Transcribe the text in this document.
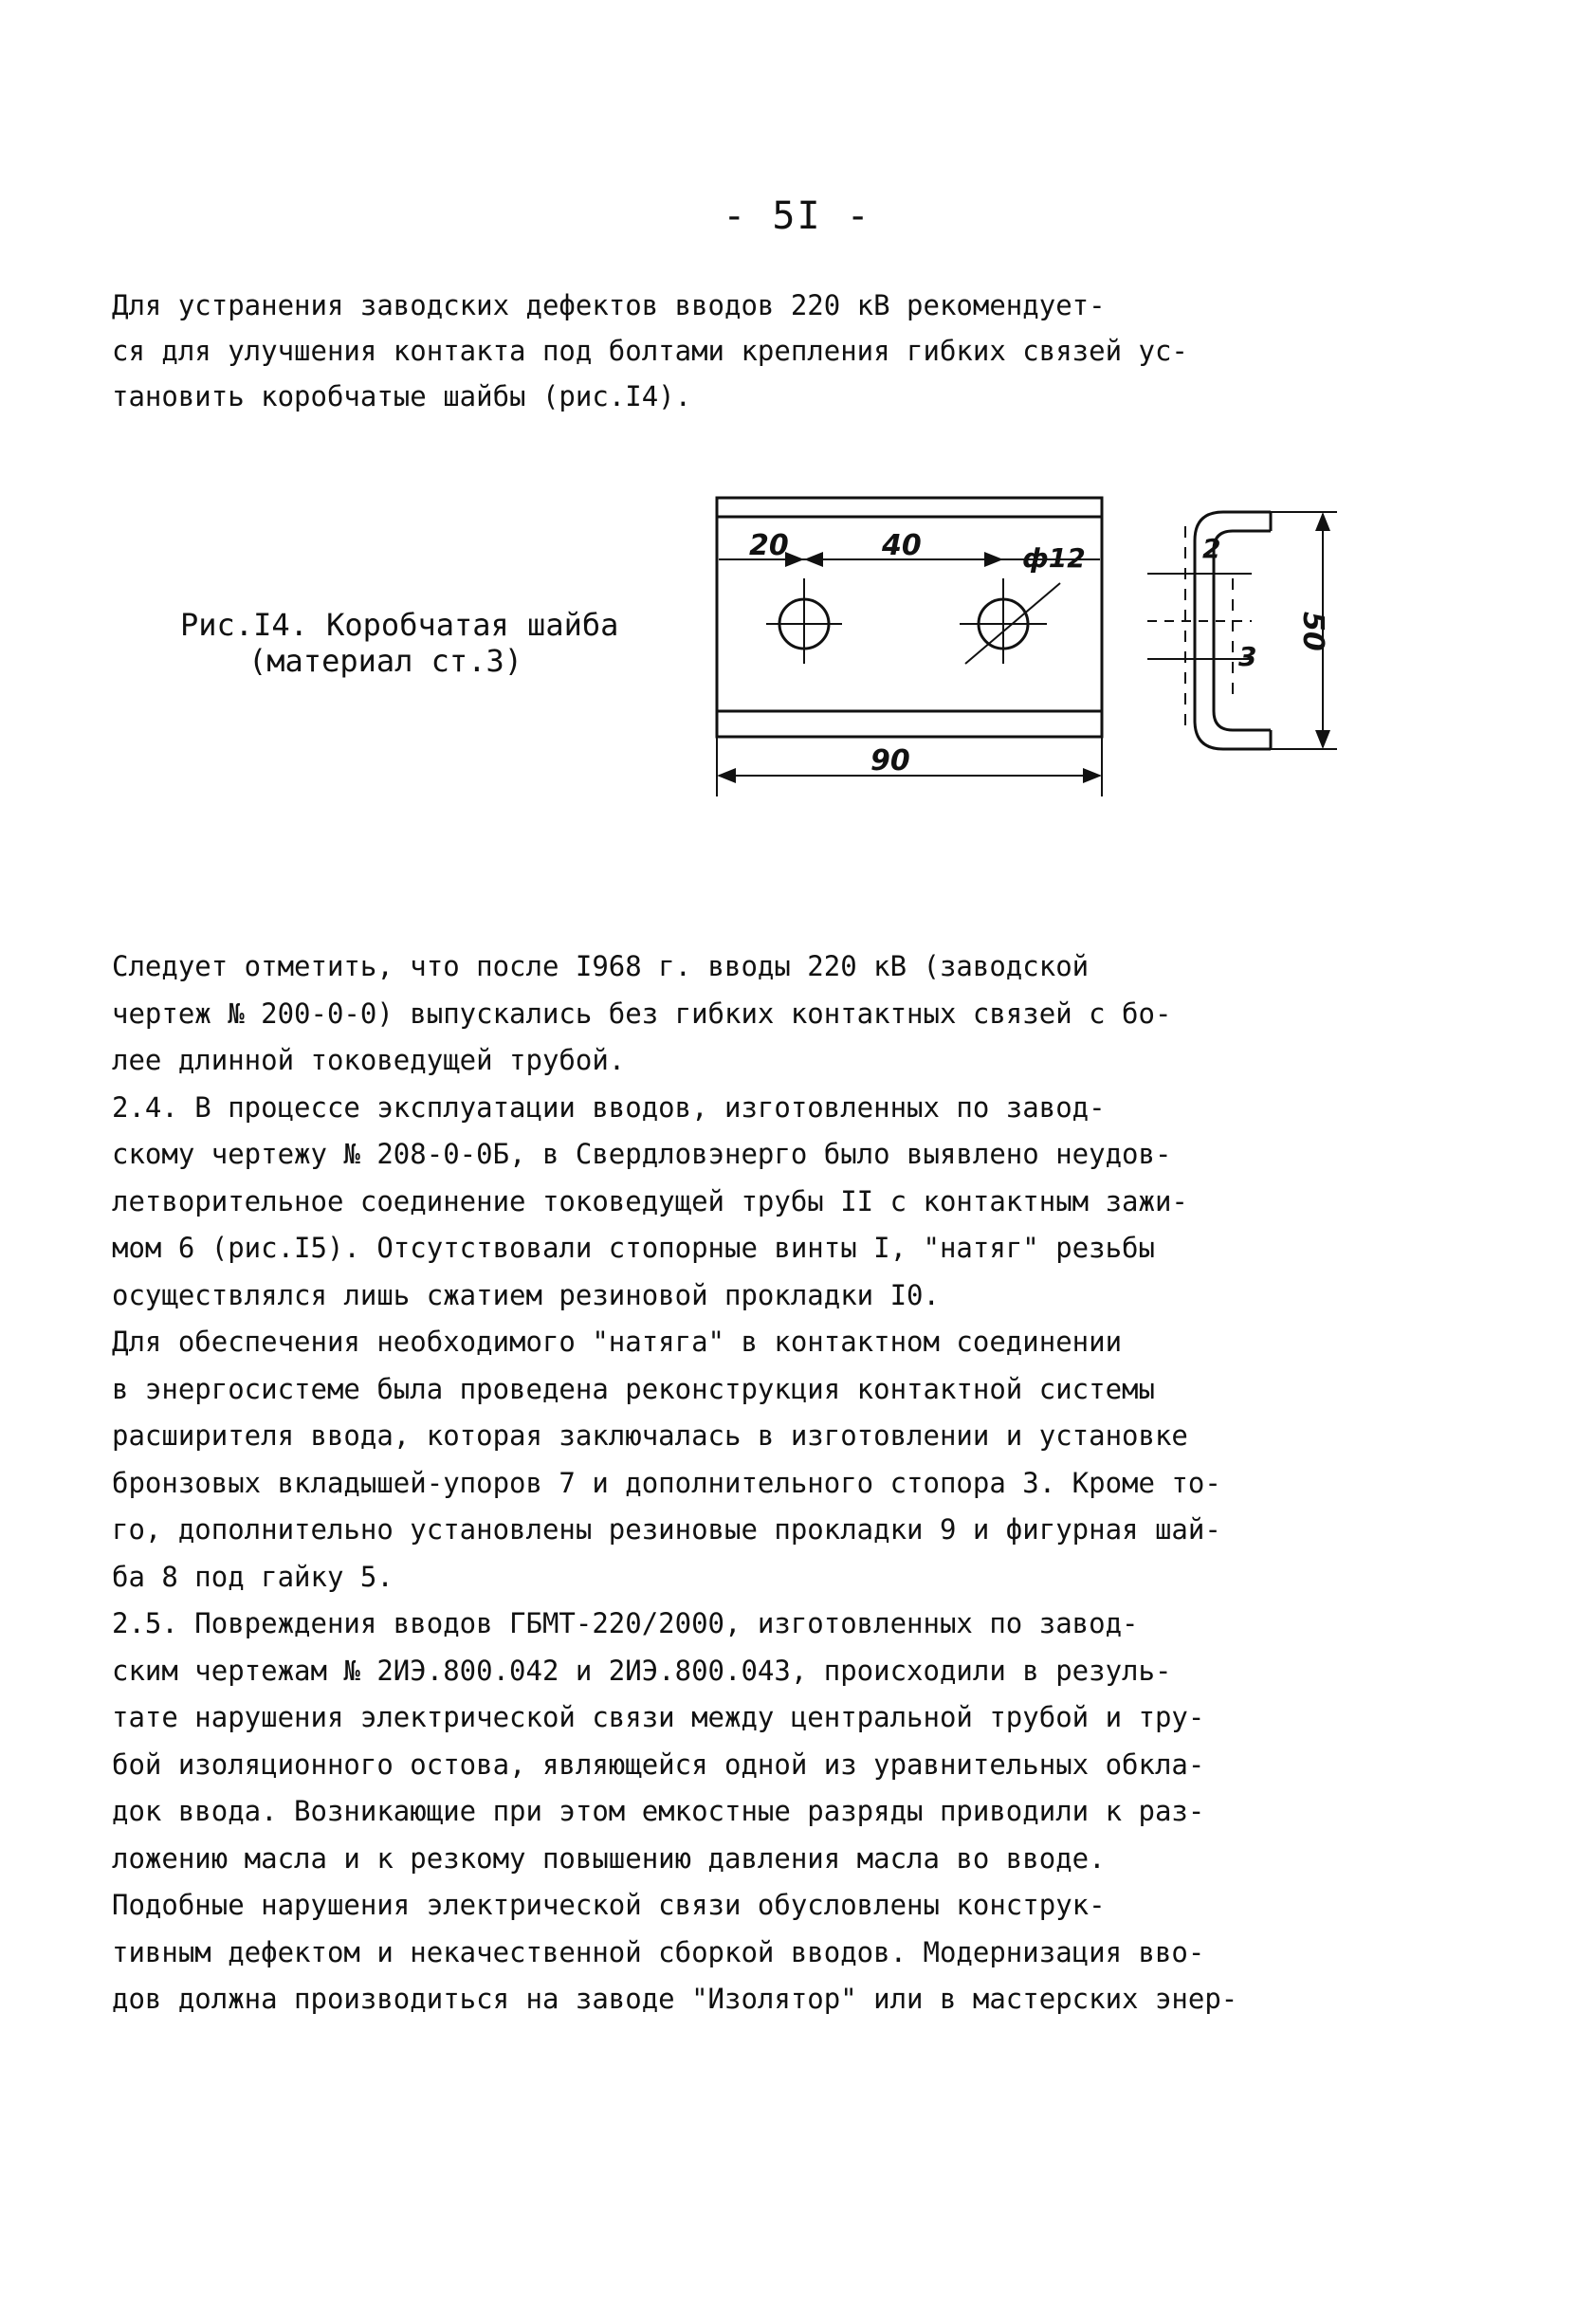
- 5I -
Для устранения заводских дефектов вводов 220 кВ рекомендует-
ся для улучшения контакта под болтами крепления гибких связей ус-
тановить коробчатые шайбы (рис.I4).
Рис.I4. Коробчатая шайба
(материал ст.3)
20	40	ф12
90
2
3
50
Следует отметить, что после I968 г. вводы 220 кВ (заводской
чертеж № 200-0-0) выпускались без гибких контактных связей с бо-
лее длинной токоведущей трубой.
2.4. В процессе эксплуатации вводов, изготовленных по завод-
скому чертежу № 208-0-0Б, в Свердловэнерго было выявлено неудов-
летворительное соединение токоведущей трубы II с контактным зажи-
мом 6 (рис.I5). Отсутствовали стопорные винты I, "натяг" резьбы
осуществлялся лишь сжатием резиновой прокладки I0.
Для обеспечения необходимого "натяга" в контактном соединении
в энергосистеме была проведена реконструкция контактной системы
расширителя ввода, которая заключалась в изготовлении и установке
бронзовых вкладышей-упоров 7 и дополнительного стопора 3. Кроме то-
го, дополнительно установлены резиновые прокладки 9 и фигурная шай-
ба 8 под гайку 5.
2.5. Повреждения вводов ГБМТ-220/2000, изготовленных по завод-
ским чертежам № 2ИЭ.800.042 и 2ИЭ.800.043, происходили в резуль-
тате нарушения электрической связи между центральной трубой и тру-
бой изоляционного остова, являющейся одной из уравнительных обкла-
док ввода. Возникающие при этом емкостные разряды приводили к раз-
ложению масла и к резкому повышению давления масла во вводе.
Подобные нарушения электрической связи обусловлены конструк-
тивным дефектом и некачественной сборкой вводов. Модернизация вво-
дов должна производиться на заводе "Изолятор" или в мастерских энер-
